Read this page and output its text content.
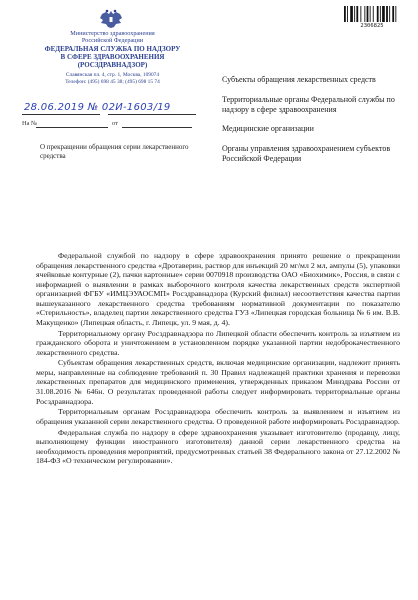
Министерство здравоохранения
Российской Федерации
ФЕДЕРАЛЬНАЯ СЛУЖБА ПО НАДЗОРУ
В СФЕРЕ ЗДРАВООХРАНЕНИЯ
(РОСЗДРАВНАДЗОР)
Славянская пл. 4, стр. 1, Москва, 109074
Телефон: (495) 698 45 38; (495) 698 15 74
28.06.2019 № 02И-1603/19
На №	от
О прекращении обращения серии лекарственного средства
2306825
Субъекты обращения лекарственных средств
Территориальные органы Федеральной службы по надзору в сфере здравоохранения
Медицинские организации
Органы управления здравоохранением субъектов Российской Федерации

Федеральной службой по надзору в сфере здравоохранения принято решение о прекращении обращения лекарственного средства «Дротаверин, раствор для инъекций 20 мг/мл 2 мл, ампулы (5), упаковки ячейковые контурные (2), пачки картонные» серии 0070918 производства ОАО «Биохимик», Россия, в связи с информацией о выявлении в рамках выборочного контроля качества лекарственных средств экспертной организацией ФГБУ «ИМЦЭУАОСМП» Росздравнадзора (Курский филиал) несоответствия качества партии вышеуказанного лекарственного средства требованиям нормативной документации по показателю «Стерильность», владелец партии лекарственного средства ГУЗ «Липецкая городская больница № 6 им. В.В. Макущенко» (Липецкая область, г. Липецк, ул. 9 мая, д. 4).

Территориальному органу Росздравнадзора по Липецкой области обеспечить контроль за изъятием из гражданского оборота и уничтожением в установленном порядке указанной партии недоброкачественного лекарственного средства.

Субъектам обращения лекарственных средств, включая медицинские организации, надлежит принять меры, направленные на соблюдение требований п. 30 Правил надлежащей практики хранения и перевозки лекарственных препаратов для медицинского применения, утвержденных приказом Минздрава России от 31.08.2016 № 646н. О результатах проведенной работы следует информировать территориальные органы Росздравнадзора.

Территориальным органам Росздравнадзора обеспечить контроль за выявлением и изъятием из обращения указанной серии лекарственного средства. О проведенной работе информировать Росздравнадзор.

Федеральная служба по надзору в сфере здравоохранения указывает изготовителю (продавцу, лицу, выполняющему функции иностранного изготовителя) данной серии лекарственного средства на необходимость проведения мероприятий, предусмотренных статьей 38 Федерального закона от 27.12.2002 № 184-ФЗ «О техническом регулировании».
